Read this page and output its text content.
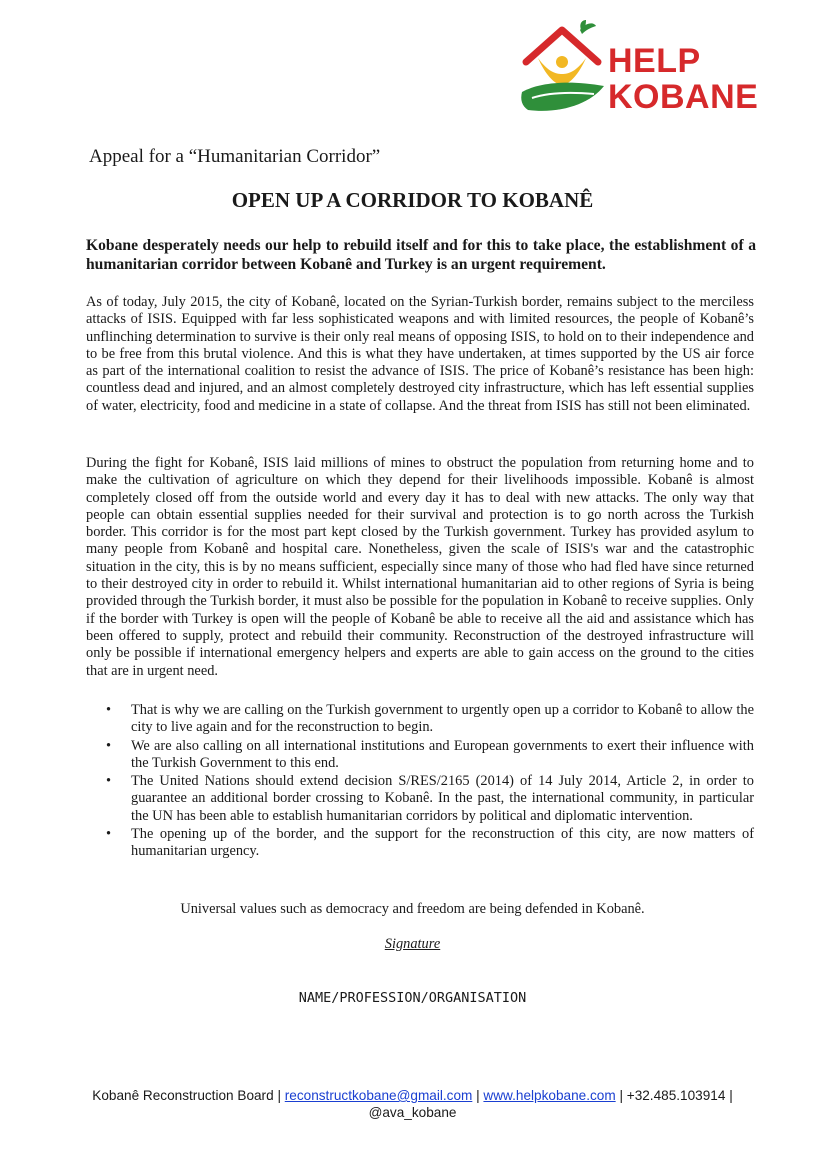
HELP
KOBANE
Appeal for a “Humanitarian Corridor”
OPEN UP A CORRIDOR TO KOBANÊ
Kobane desperately needs our help to rebuild itself and for this to take place, the establishment of a humanitarian corridor between Kobanê and Turkey is an urgent requirement.
As of today, July 2015, the city of Kobanê, located on the Syrian-Turkish border, remains subject to the merciless attacks of ISIS. Equipped with far less sophisticated weapons and with limited resources, the people of Kobanê’s unflinching determination to survive is their only real means of opposing ISIS, to hold on to their independence and to be free from this brutal violence. And this is what they have undertaken, at times supported by the US air force as part of the international coalition to resist the advance of ISIS. The price of Kobanê’s resistance has been high: countless dead and injured, and an almost completely destroyed city infrastructure, which has left essential supplies of water, electricity, food and medicine in a state of collapse. And the threat from ISIS has still not been eliminated.
During the fight for Kobanê, ISIS laid millions of mines to obstruct the population from returning home and to make the cultivation of agriculture on which they depend for their livelihoods impossible. Kobanê is almost completely closed off from the outside world and every day it has to deal with new attacks. The only way that people can obtain essential supplies needed for their survival and protection is to go north across the Turkish border. This corridor is for the most part kept closed by the Turkish government. Turkey has provided asylum to many people from Kobanê and hospital care. Nonetheless, given the scale of ISIS's war and the catastrophic situation in the city, this is by no means sufficient, especially since many of those who had fled have since returned to their destroyed city in order to rebuild it. Whilst international humanitarian aid to other regions of Syria is being provided through the Turkish border, it must also be possible for the population in Kobanê to receive supplies. Only if the border with Turkey is open will the people of Kobanê be able to receive all the aid and assistance which has been offered to supply, protect and rebuild their community. Reconstruction of the destroyed infrastructure will only be possible if international emergency helpers and experts are able to gain access on the ground to the cities that are in urgent need.
• That is why we are calling on the Turkish government to urgently open up a corridor to Kobanê to allow the city to live again and for the reconstruction to begin.
• We are also calling on all international institutions and European governments to exert their influence with the Turkish Government to this end.
• The United Nations should extend decision S/RES/2165 (2014) of 14 July 2014, Article 2, in order to guarantee an additional border crossing to Kobanê. In the past, the international community, in particular the UN has been able to establish humanitarian corridors by political and diplomatic intervention.
• The opening up of the border, and the support for the reconstruction of this city, are now matters of humanitarian urgency.
Universal values such as democracy and freedom are being defended in Kobanê.
Signature
NAME/PROFESSION/ORGANISATION
Kobanê Reconstruction Board | reconstructkobane@gmail.com | www.helpkobane.com | +32.485.103914 |
@ava_kobane
